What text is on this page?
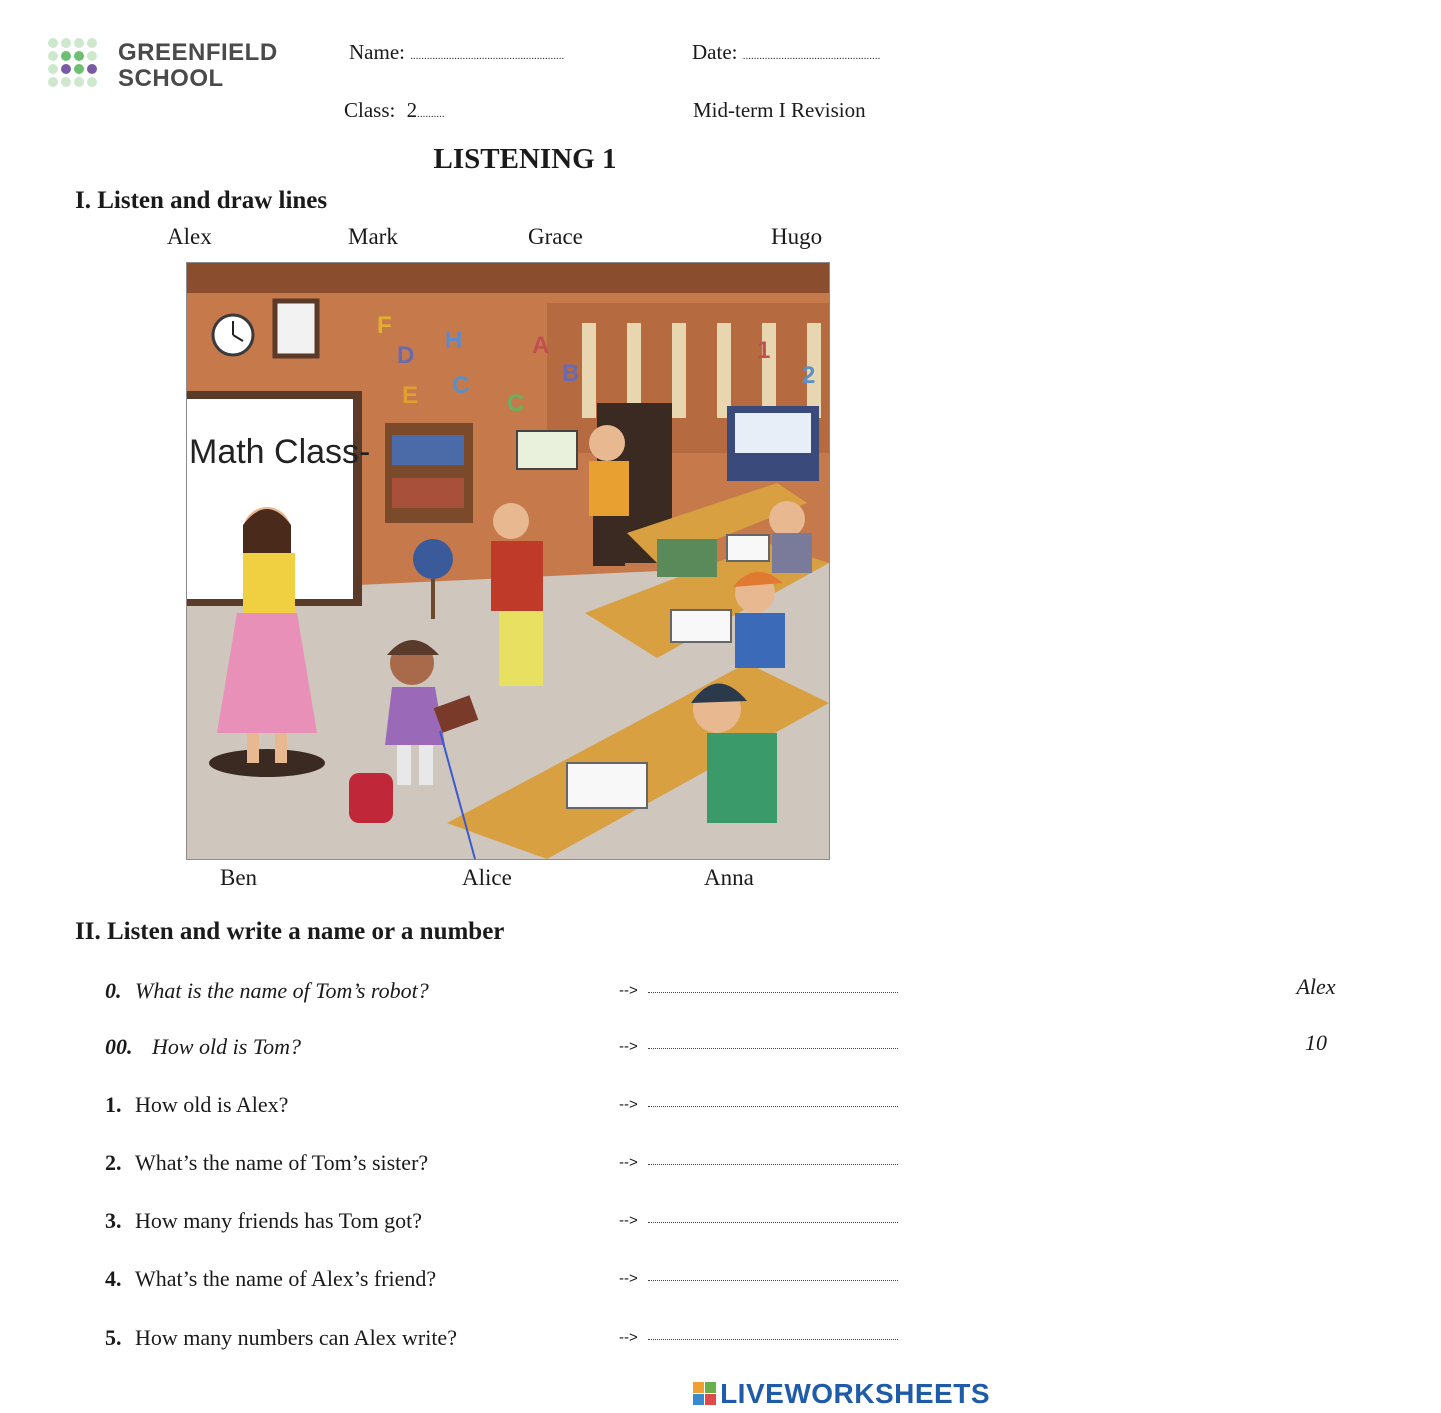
GREENFIELD
SCHOOL
Name: ........................................................	Date: ..................................................
Class: 2..........	Mid-term I Revision
LISTENING 1
I. Listen and draw lines
Alex	Mark	Grace	Hugo
Math Class-
F
D
H
E C
C
A
B
1
2
Ben	Alice	Anna
II. Listen and write a name or a number
0. What is the name of Tom’s robot?	-->	Alex
00. How old is Tom?	-->	10
1. How old is Alex?	-->
2. What’s the name of Tom’s sister?	-->
3. How many friends has Tom got?	-->
4. What’s the name of Alex’s friend?	-->
5. How many numbers can Alex write?	-->
LIVEWORKSHEETS
